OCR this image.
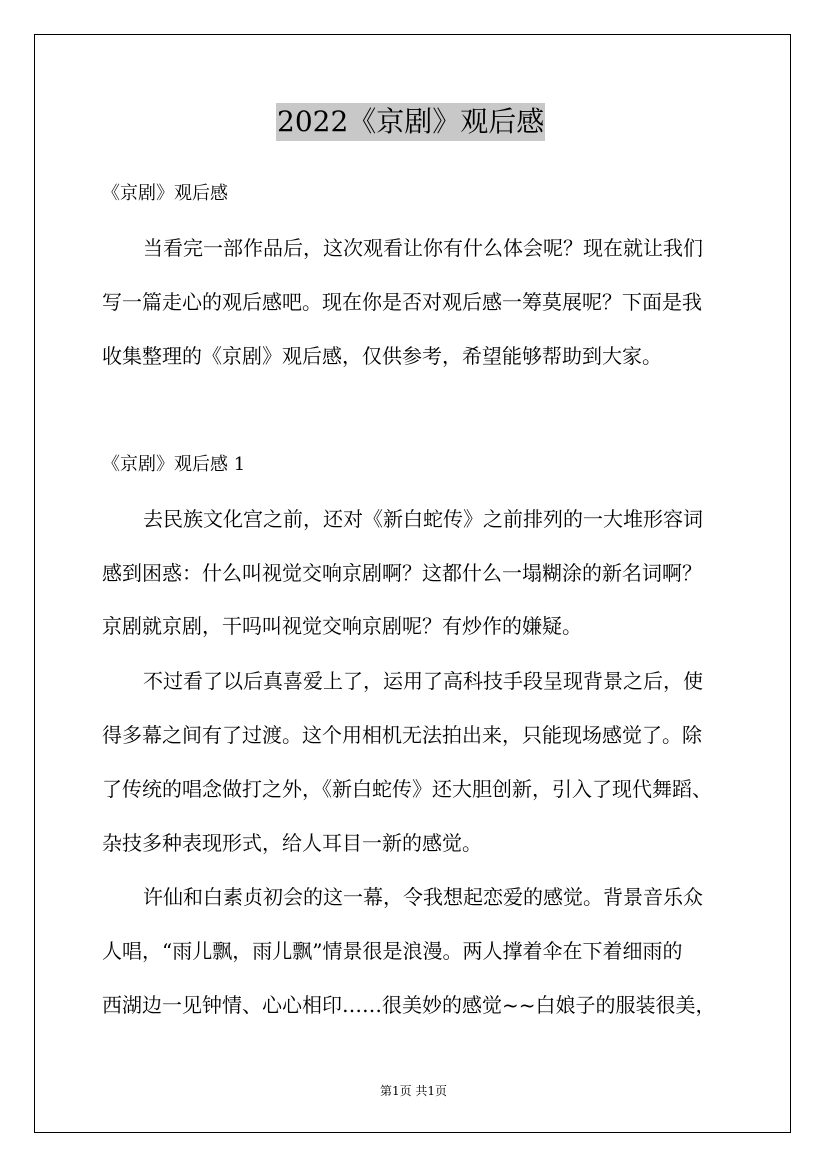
2022《京剧》观后感
《京剧》观后感
当看完一部作品后，这次观看让你有什么体会呢？现在就让我们
写一篇走心的观后感吧。现在你是否对观后感一筹莫展呢？下面是我
收集整理的《京剧》观后感，仅供参考，希望能够帮助到大家。
《京剧》观后感 1
去民族文化宫之前，还对《新白蛇传》之前排列的一大堆形容词
感到困惑：什么叫视觉交响京剧啊？这都什么一塌糊涂的新名词啊？
京剧就京剧，干吗叫视觉交响京剧呢？有炒作的嫌疑。
不过看了以后真喜爱上了，运用了高科技手段呈现背景之后，使
得多幕之间有了过渡。这个用相机无法拍出来，只能现场感觉了。除
了传统的唱念做打之外，《新白蛇传》还大胆创新，引入了现代舞蹈、
杂技多种表现形式，给人耳目一新的感觉。
许仙和白素贞初会的这一幕，令我想起恋爱的感觉。背景音乐众
人唱，“雨儿飘，雨儿飘”情景很是浪漫。两人撑着伞在下着细雨的
西湖边一见钟情、心心相印……很美妙的感觉~~白娘子的服装很美，
第1页 共1页
